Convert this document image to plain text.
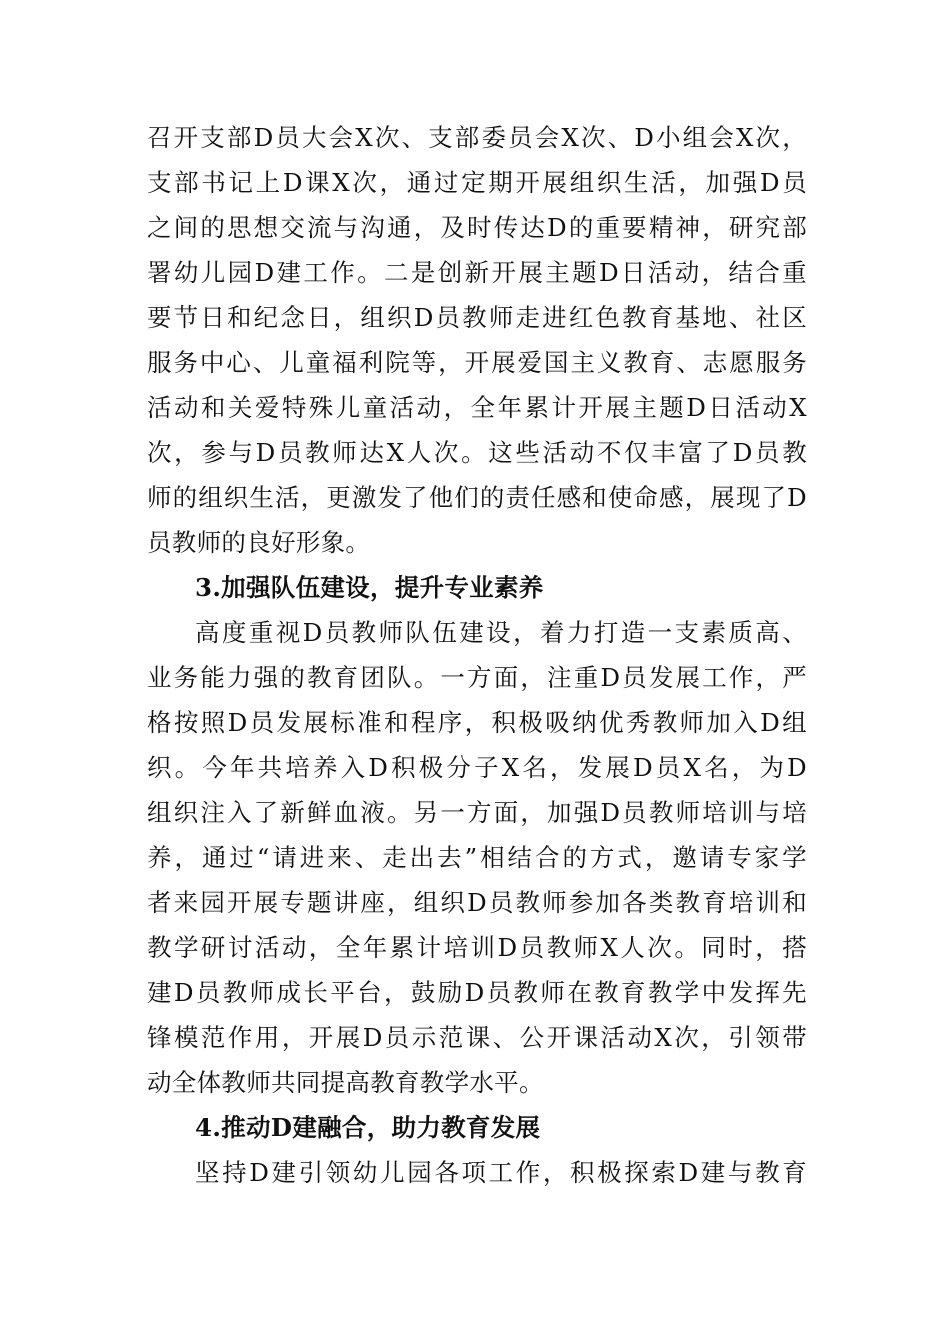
召开支部D员大会X次、支部委员会X次、D小组会X次，
支部书记上D课X次，通过定期开展组织生活，加强D员
之间的思想交流与沟通，及时传达D的重要精神，研究部
署幼儿园D建工作。二是创新开展主题D日活动，结合重
要节日和纪念日，组织D员教师走进红色教育基地、社区
服务中心、儿童福利院等，开展爱国主义教育、志愿服务
活动和关爱特殊儿童活动，全年累计开展主题D日活动X
次，参与D员教师达X人次。这些活动不仅丰富了D员教
师的组织生活，更激发了他们的责任感和使命感，展现了D
员教师的良好形象。
3.加强队伍建设，提升专业素养
高度重视D员教师队伍建设，着力打造一支素质高、
业务能力强的教育团队。一方面，注重D员发展工作，严
格按照D员发展标准和程序，积极吸纳优秀教师加入D组
织。今年共培养入D积极分子X名，发展D员X名，为D
组织注入了新鲜血液。另一方面，加强D员教师培训与培
养，通过“请进来、走出去”相结合的方式，邀请专家学
者来园开展专题讲座，组织D员教师参加各类教育培训和
教学研讨活动，全年累计培训D员教师X人次。同时，搭
建D员教师成长平台，鼓励D员教师在教育教学中发挥先
锋模范作用，开展D员示范课、公开课活动X次，引领带
动全体教师共同提高教育教学水平。
4.推动D建融合，助力教育发展
坚持D建引领幼儿园各项工作，积极探索D建与教育
